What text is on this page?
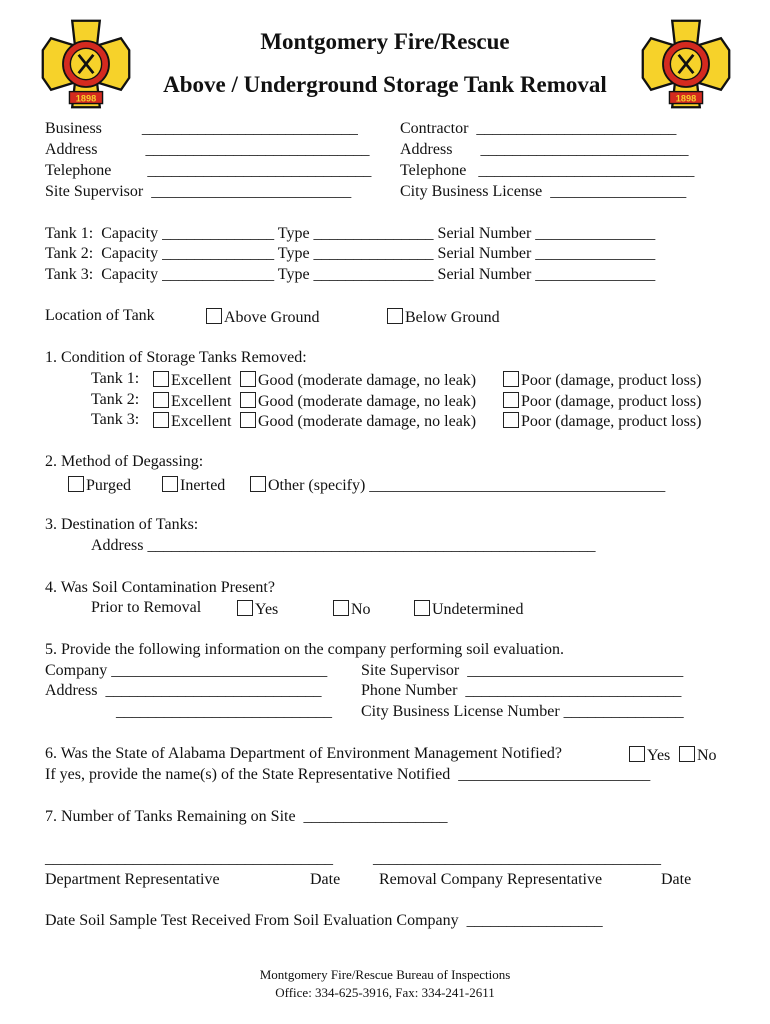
1898	1898
Montgomery Fire/Rescue
Above / Underground Storage Tank Removal
Business          ___________________________	Contractor  _________________________
Address            ____________________________ Address       __________________________
Telephone         ____________________________ Telephone   ___________________________
Site Supervisor  _________________________	City Business License  _________________
Tank 1:  Capacity ______________ Type _______________ Serial Number _______________
Tank 2:  Capacity ______________ Type _______________ Serial Number _______________
Tank 3:  Capacity ______________ Type _______________ Serial Number _______________
Location of Tank	Above Ground	Below Ground
1. Condition of Storage Tanks Removed:
Tank 1:	Excellent	Good (moderate damage, no leak)	Poor (damage, product loss)
Tank 2:	Excellent	Good (moderate damage, no leak)	Poor (damage, product loss)
Tank 3:	Excellent	Good (moderate damage, no leak)	Poor (damage, product loss)
2. Method of Degassing:
Purged	Inerted	Other (specify) _____________________________________
3. Destination of Tanks:
Address ________________________________________________________
4. Was Soil Contamination Present?
Prior to Removal	Yes	No	Undetermined
5. Provide the following information on the company performing soil evaluation.
Company ___________________________ Site Supervisor  ___________________________
Address  ___________________________ Phone Number  ___________________________
___________________________ City Business License Number _______________
6. Was the State of Alabama Department of Environment Management Notified?	Yes	No
If yes, provide the name(s) of the State Representative Notified  ________________________
7. Number of Tanks Remaining on Site  __________________
____________________________________	____________________________________
Department Representative	Date Removal Company Representative	Date
Date Soil Sample Test Received From Soil Evaluation Company  _________________
Montgomery Fire/Rescue Bureau of Inspections
Office: 334-625-3916, Fax: 334-241-2611
